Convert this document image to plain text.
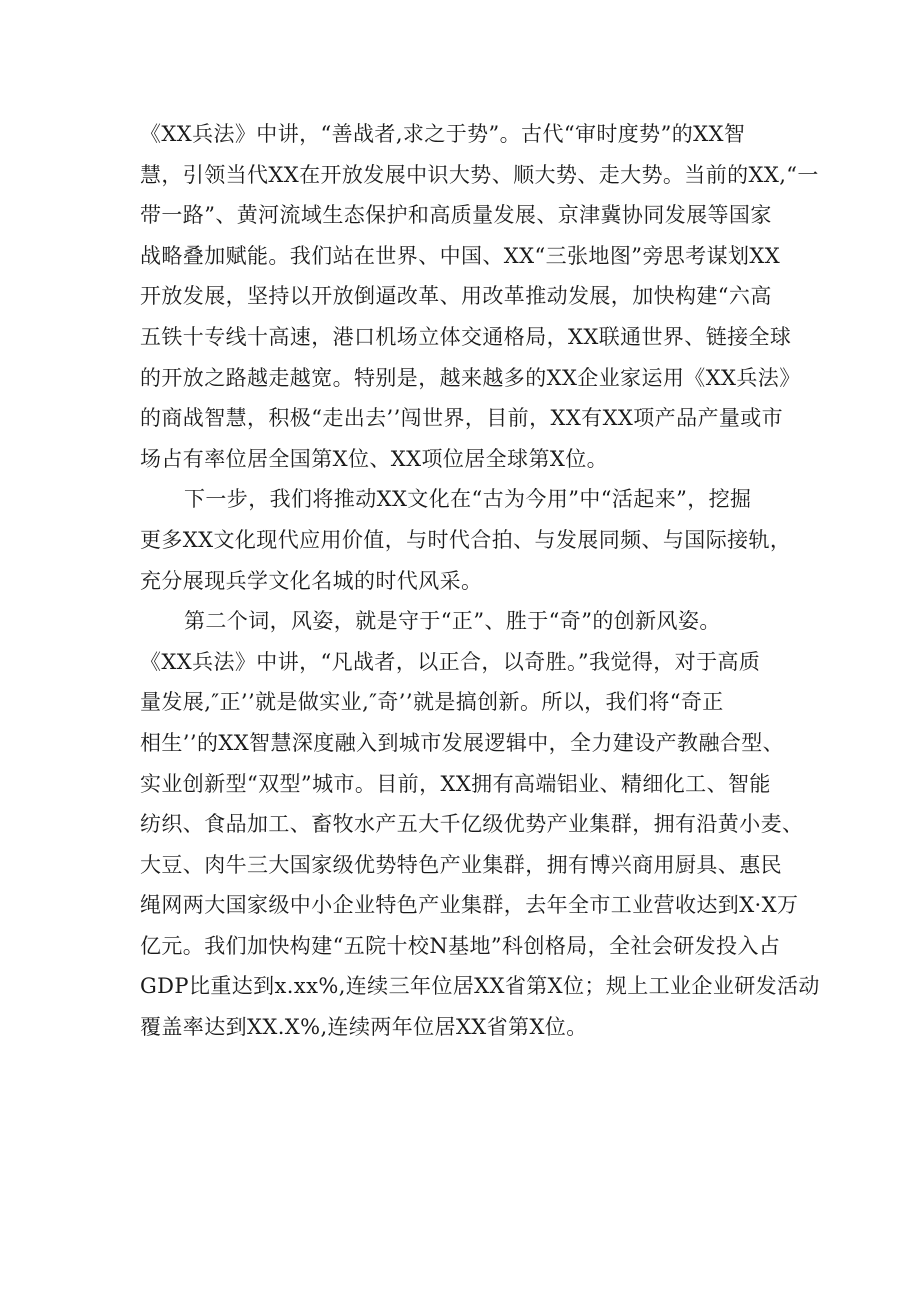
《XX兵法》中讲，“善战者,求之于势”。古代“审时度势”的XX智
慧，引领当代XX在开放发展中识大势、顺大势、走大势。当前的XX,“一
带一路”、黄河流域生态保护和高质量发展、京津冀协同发展等国家
战略叠加赋能。我们站在世界、中国、XX“三张地图”旁思考谋划XX
开放发展，坚持以开放倒逼改革、用改革推动发展，加快构建“六高
五铁十专线十高速，港口机场立体交通格局，XX联通世界、链接全球
的开放之路越走越宽。特别是，越来越多的XX企业家运用《XX兵法》
的商战智慧，积极“走出去’’闯世界，目前，XX有XX项产品产量或市
场占有率位居全国第X位、XX项位居全球第X位。
下一步，我们将推动XX文化在“古为今用”中“活起来”，挖掘
更多XX文化现代应用价值，与时代合拍、与发展同频、与国际接轨，
充分展现兵学文化名城的时代风采。
第二个词，风姿，就是守于“正”、胜于“奇”的创新风姿。
《XX兵法》中讲，“凡战者，以正合，以奇胜。”我觉得，对于高质
量发展,″正’’就是做实业,″奇’’就是搞创新。所以，我们将“奇正
相生’’的XX智慧深度融入到城市发展逻辑中，全力建设产教融合型、
实业创新型“双型”城市。目前，XX拥有高端铝业、精细化工、智能
纺织、食品加工、畜牧水产五大千亿级优势产业集群，拥有沿黄小麦、
大豆、肉牛三大国家级优势特色产业集群，拥有博兴商用厨具、惠民
绳网两大国家级中小企业特色产业集群，去年全市工业营收达到X·X万
亿元。我们加快构建“五院十校N基地”科创格局，全社会研发投入占
GDP比重达到x.xx%,连续三年位居XX省第X位；规上工业企业研发活动
覆盖率达到XX.X%,连续两年位居XX省第X位。
